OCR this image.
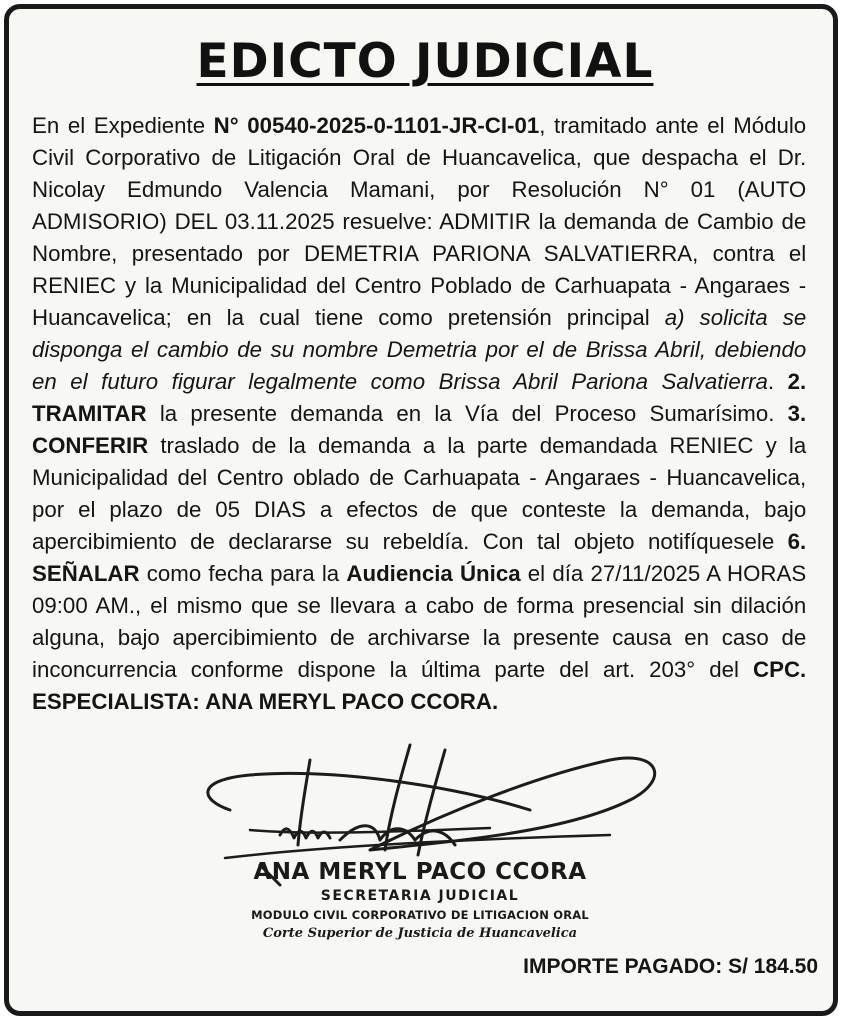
EDICTO JUDICIAL

En el Expediente N° 00540-2025-0-1101-JR-CI-01, tramitado ante el Módulo Civil Corporativo de Litigación Oral de Huancavelica, que despacha el Dr. Nicolay Edmundo Valencia Mamani, por Resolución N° 01 (AUTO ADMISORIO) DEL 03.11.2025 resuelve: ADMITIR la demanda de Cambio de Nombre, presentado por DEMETRIA PARIONA SALVATIERRA, contra el RENIEC y la Municipalidad del Centro Poblado de Carhuapata - Angaraes - Huancavelica; en la cual tiene como pretensión principal a) solicita se disponga el cambio de su nombre Demetria por el de Brissa Abril, debiendo en el futuro figurar legalmente como Brissa Abril Pariona Salvatierra. 2. TRAMITAR la presente demanda en la Vía del Proceso Sumarísimo. 3. CONFERIR traslado de la demanda a la parte demandada RENIEC y la Municipalidad del Centro oblado de Carhuapata - Angaraes - Huancavelica, por el plazo de 05 DIAS a efectos de que conteste la demanda, bajo apercibimiento de declararse su rebeldía. Con tal objeto notifíquesele 6. SEÑALAR como fecha para la Audiencia Única el día 27/11/2025 A HORAS 09:00 AM., el mismo que se llevara a cabo de forma presencial sin dilación alguna, bajo apercibimiento de archivarse la presente causa en caso de inconcurrencia conforme dispone la última parte del art. 203° del CPC. ESPECIALISTA: ANA MERYL PACO CCORA.

ANA MERYL PACO CCORA
SECRETARIA JUDICIAL
MODULO CIVIL CORPORATIVO DE LITIGACION ORAL
Corte Superior de Justicia de Huancavelica
IMPORTE PAGADO: S/ 184.50
